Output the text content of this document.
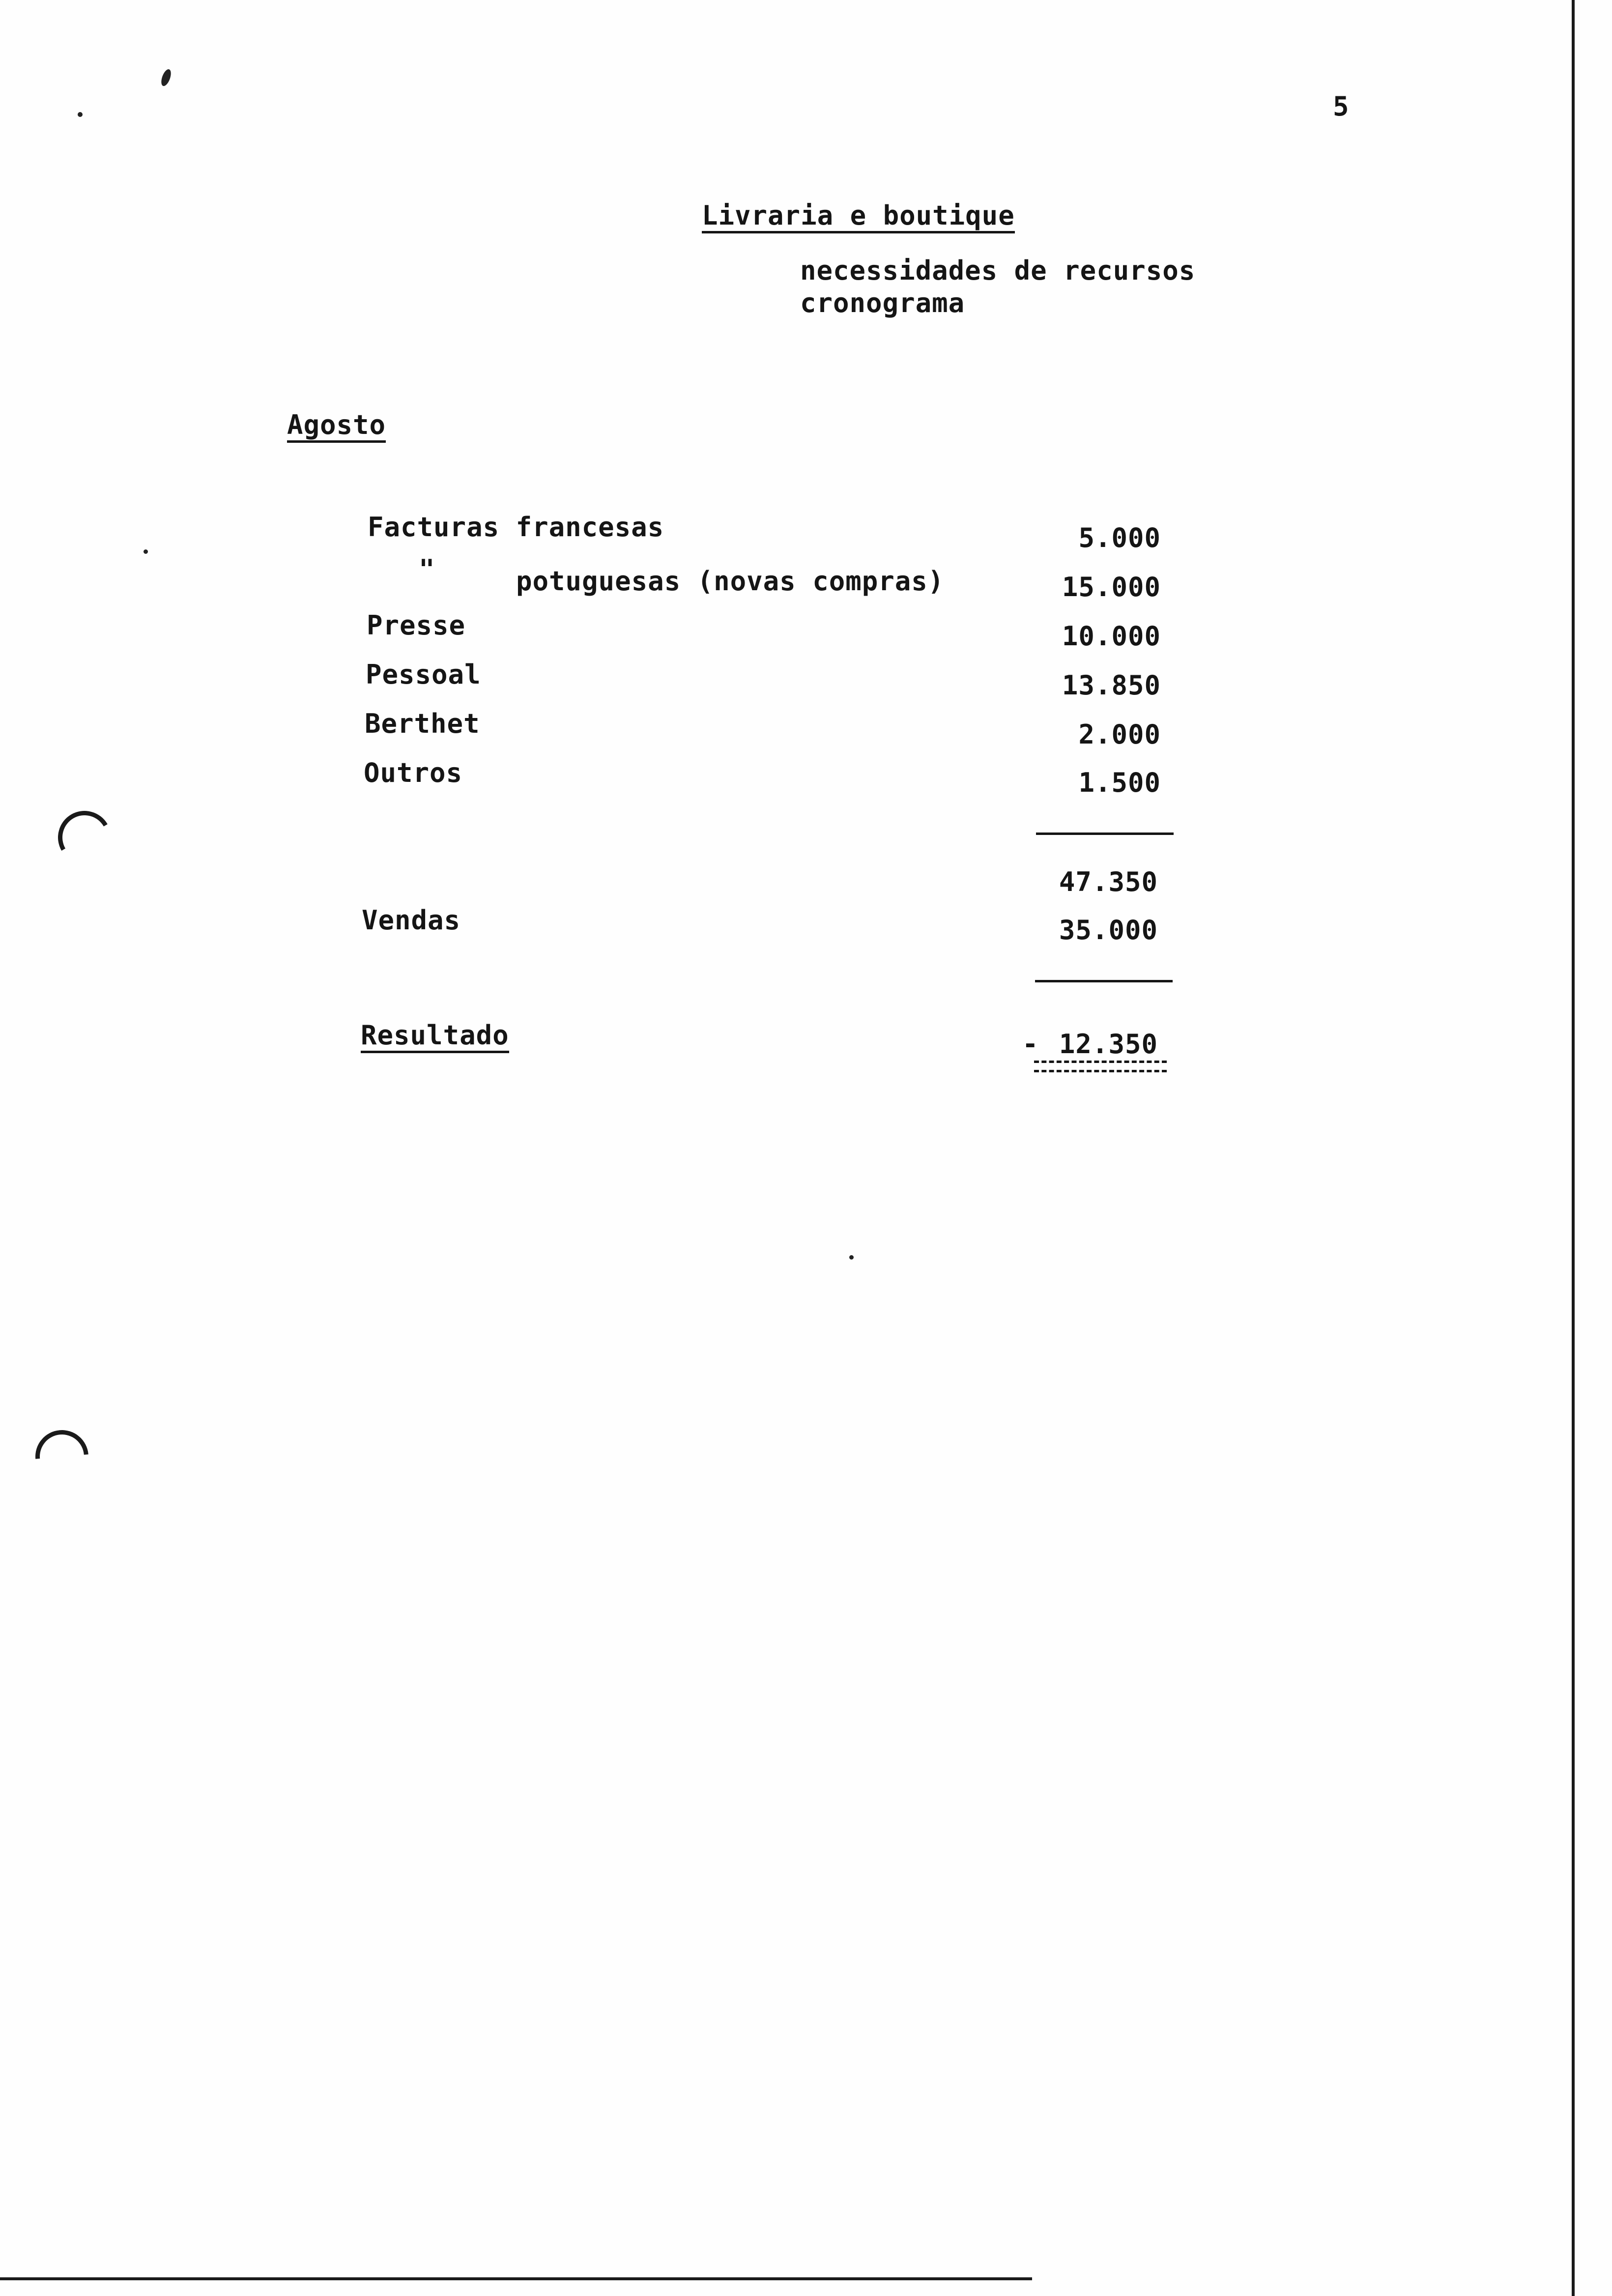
5
Livraria e boutique
necessidades de recursos
cronograma
Agosto
Facturas francesas	5.000
"	potuguesas (novas compras)	15.000
Presse	10.000
Pessoal	13.850
Berthet	2.000
Outros	1.500
47.350
Vendas	35.000
Resultado	- 12.350
